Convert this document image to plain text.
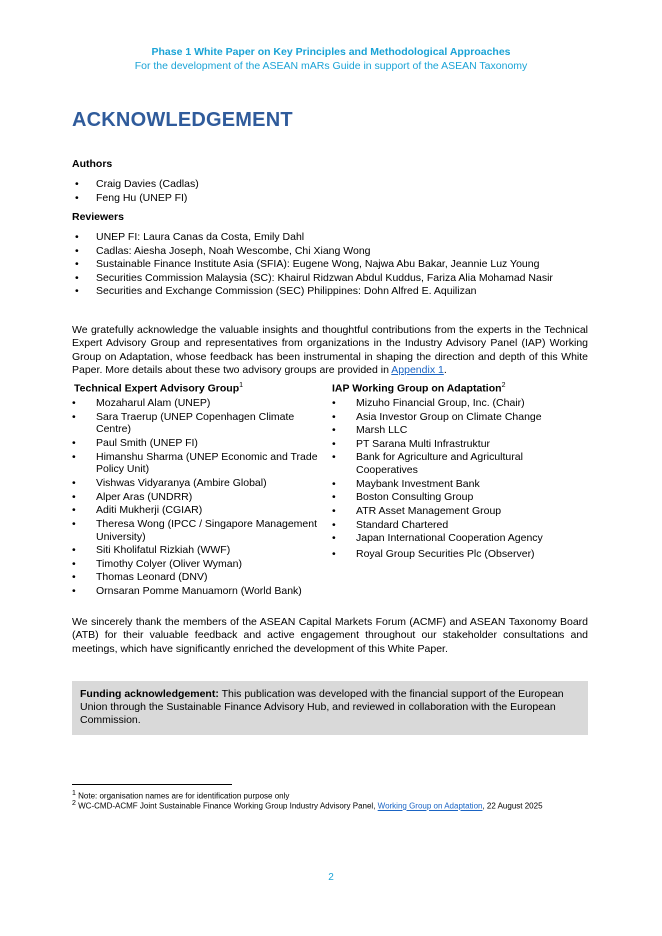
Phase 1 White Paper on Key Principles and Methodological Approaches
For the development of the ASEAN mARs Guide in support of the ASEAN Taxonomy
ACKNOWLEDGEMENT
Authors
• Craig Davies (Cadlas)
• Feng Hu (UNEP FI)
Reviewers
• UNEP FI: Laura Canas da Costa, Emily Dahl
• Cadlas: Aiesha Joseph, Noah Wescombe, Chi Xiang Wong
• Sustainable Finance Institute Asia (SFIA): Eugene Wong, Najwa Abu Bakar, Jeannie Luz Young
• Securities Commission Malaysia (SC): Khairul Ridzwan Abdul Kuddus, Fariza Alia Mohamad Nasir
• Securities and Exchange Commission (SEC) Philippines: Dohn Alfred E. Aquilizan

We gratefully acknowledge the valuable insights and thoughtful contributions from the experts in the Technical Expert Advisory Group and representatives from organizations in the Industry Advisory Panel (IAP) Working Group on Adaptation, whose feedback has been instrumental in shaping the direction and depth of this White Paper. More details about these two advisory groups are provided in Appendix 1.

Technical Expert Advisory Group$^1$
• Mozaharul Alam (UNEP)
• Sara Traerup (UNEP Copenhagen Climate Centre)
• Paul Smith (UNEP FI)
• Himanshu Sharma (UNEP Economic and Trade Policy Unit)
• Vishwas Vidyaranya (Ambire Global)
• Alper Aras (UNDRR)
• Aditi Mukherji (CGIAR)
• Theresa Wong (IPCC / Singapore Management University)
• Siti Kholifatul Rizkiah (WWF)
• Timothy Colyer (Oliver Wyman)
• Thomas Leonard (DNV)
• Ornsaran Pomme Manuamorn (World Bank)
IAP Working Group on Adaptation$^2$
• Mizuho Financial Group, Inc. (Chair)
• Asia Investor Group on Climate Change
• Marsh LLC
• PT Sarana Multi Infrastruktur
• Bank for Agriculture and Agricultural Cooperatives
• Maybank Investment Bank
• Boston Consulting Group
• ATR Asset Management Group
• Standard Chartered
• Japan International Cooperation Agency
• Royal Group Securities Plc (Observer)

We sincerely thank the members of the ASEAN Capital Markets Forum (ACMF) and ASEAN Taxonomy Board (ATB) for their valuable feedback and active engagement throughout our stakeholder consultations and meetings, which have significantly enriched the development of this White Paper.

Funding acknowledgement: This publication was developed with the financial support of the European Union through the Sustainable Finance Advisory Hub, and reviewed in collaboration with the European Commission.
$^1$ Note: organisation names are for identification purpose only
$^2$ WC-CMD-ACMF Joint Sustainable Finance Working Group Industry Advisory Panel, Working Group on Adaptation, 22 August 2025
2
